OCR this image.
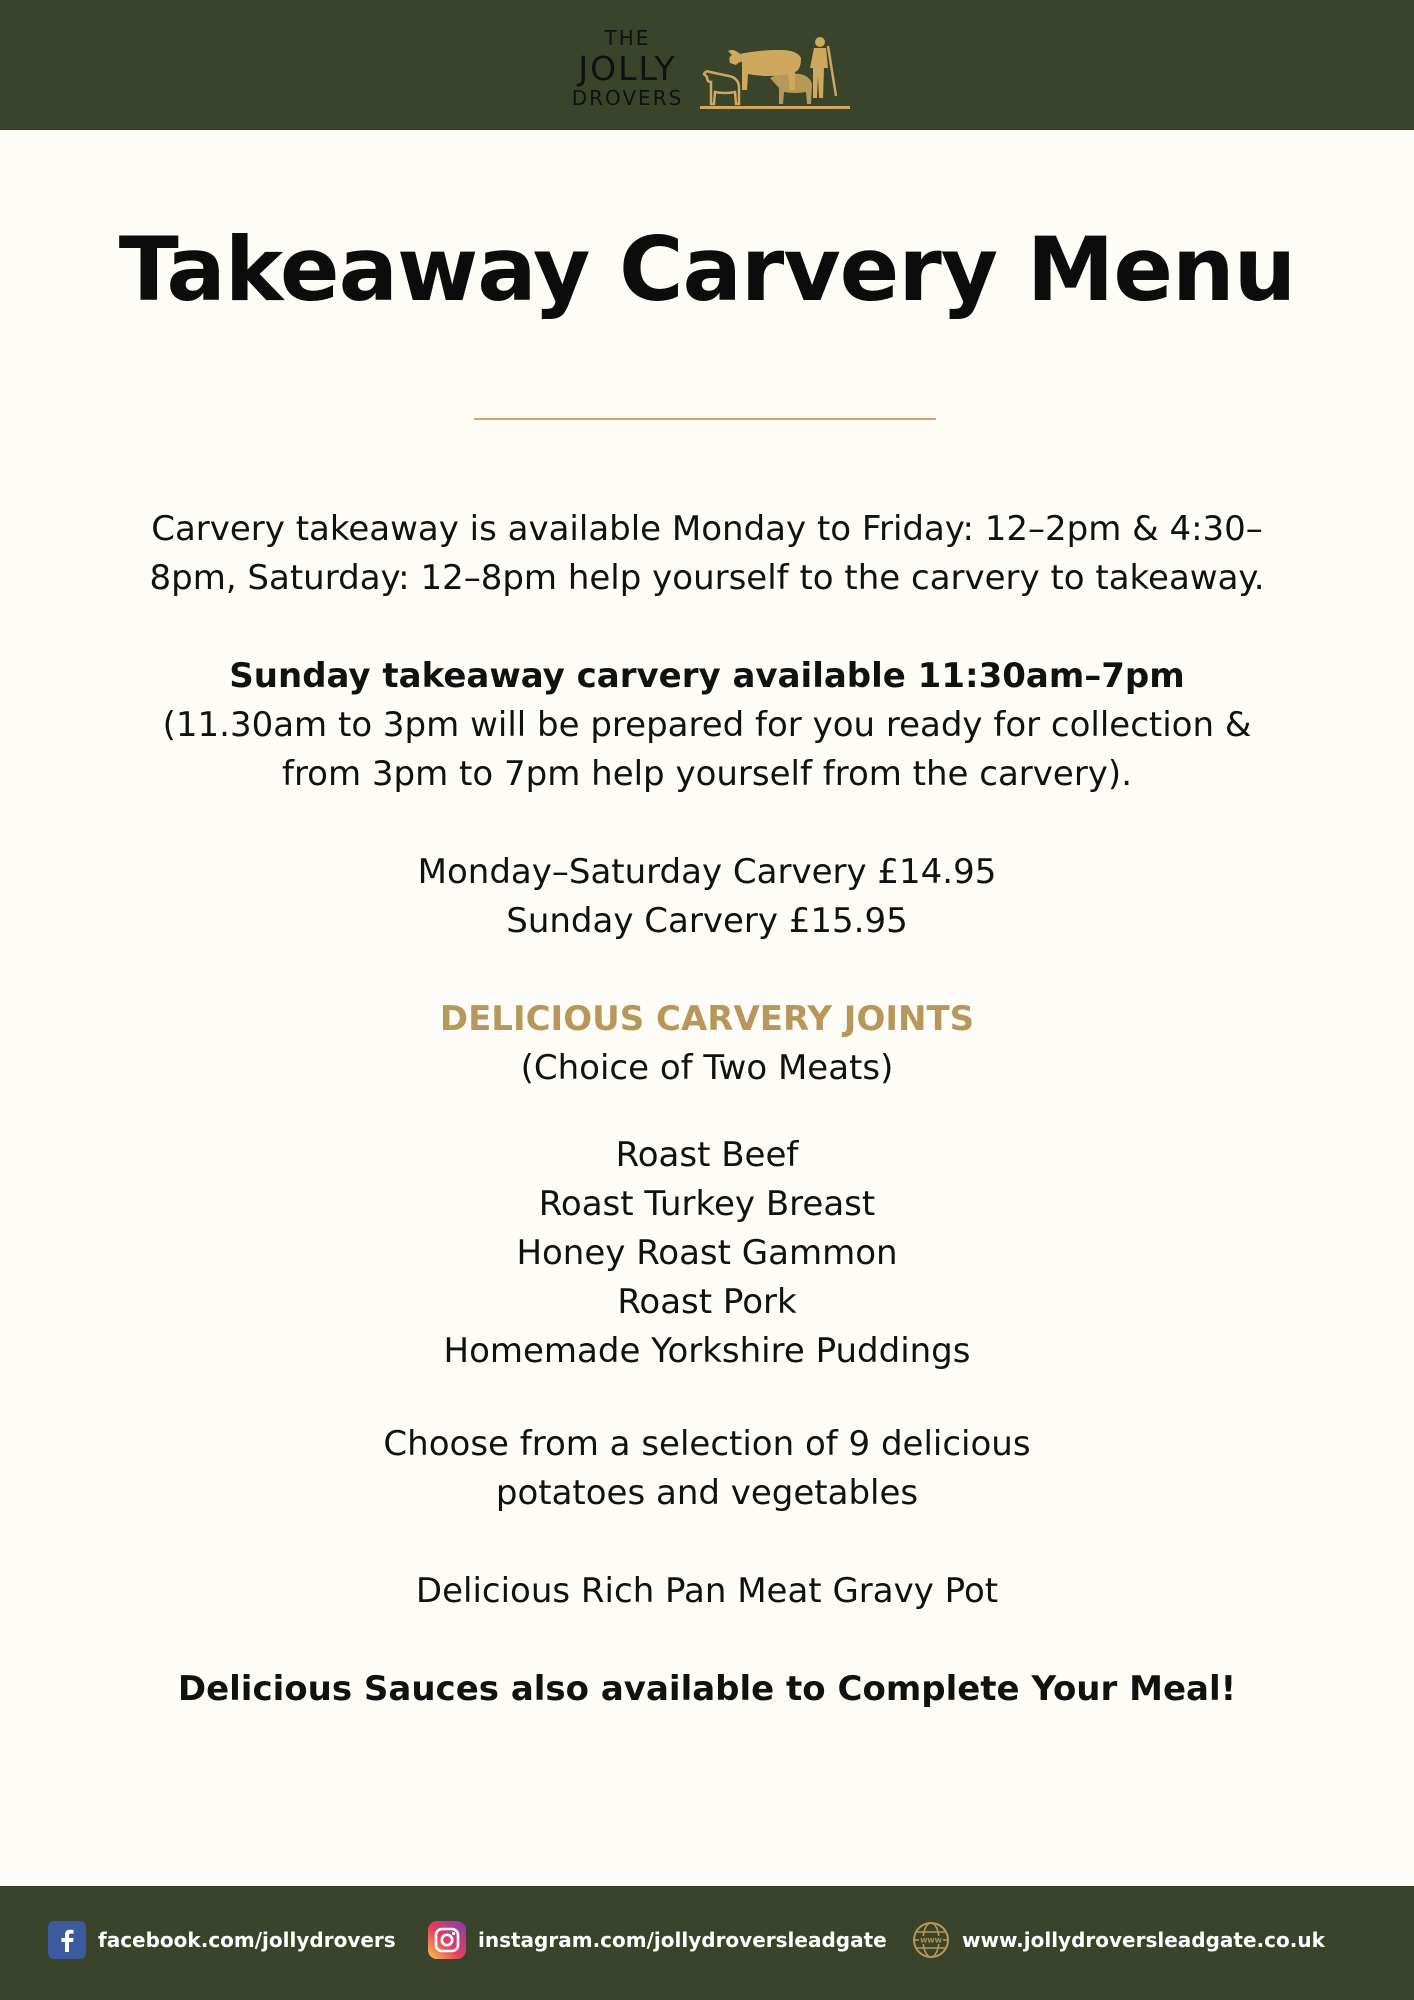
THE
JOLLY
DROVERS
Takeaway Carvery Menu

Carvery takeaway is available Monday to Friday: 12–2pm & 4:30–

8pm, Saturday: 12–8pm help yourself to the carvery to takeaway.

Sunday takeaway carvery available 11:30am–7pm

(11.30am to 3pm will be prepared for you ready for collection &

from 3pm to 7pm help yourself from the carvery).

Monday–Saturday Carvery £14.95

Sunday Carvery £15.95

DELICIOUS CARVERY JOINTS

(Choice of Two Meats)

Roast Beef

Roast Turkey Breast

Honey Roast Gammon

Roast Pork

Homemade Yorkshire Puddings

Choose from a selection of 9 delicious

potatoes and vegetables

Delicious Rich Pan Meat Gravy Pot

Delicious Sauces also available to Complete Your Meal!

facebook.com/jollydrovers	instagram.com/jollydroversleadgate	WWW www.jollydroversleadgate.co.uk
